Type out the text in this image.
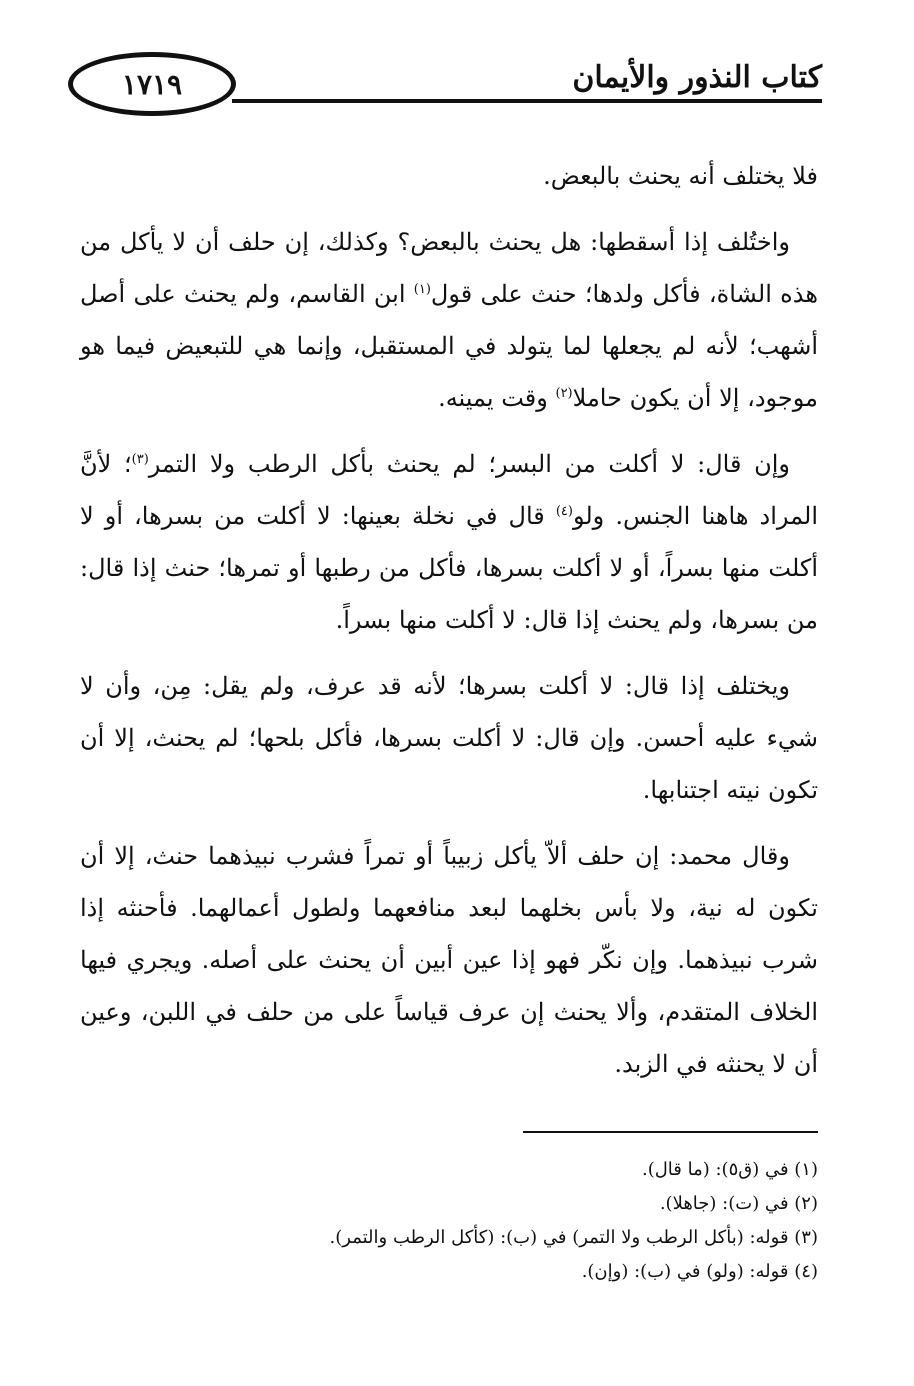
١٧١٩	كتاب النذور والأيمان

فلا يختلف أنه يحنث بالبعض.

واختُلف إذا أسقطها: هل يحنث بالبعض؟ وكذلك، إن حلف أن لا يأكل من هذه الشاة، فأكل ولدها؛ حنث على قول$^{(١)}$ ابن القاسم، ولم يحنث على أصل أشهب؛ لأنه لم يجعلها لما يتولد في المستقبل، وإنما هي للتبعيض فيما هو موجود، إلا أن يكون حاملا$^{(٢)}$ وقت يمينه.

وإن قال: لا أكلت من البسر؛ لم يحنث بأكل الرطب ولا التمر$^{(٣)}$؛ لأنَّ المراد هاهنا الجنس. ولو$^{(٤)}$ قال في نخلة بعينها: لا أكلت من بسرها، أو لا أكلت منها بسراً، أو لا أكلت بسرها، فأكل من رطبها أو تمرها؛ حنث إذا قال: من بسرها، ولم يحنث إذا قال: لا أكلت منها بسراً.

ويختلف إذا قال: لا أكلت بسرها؛ لأنه قد عرف، ولم يقل: مِن، وأن لا شيء عليه أحسن. وإن قال: لا أكلت بسرها، فأكل بلحها؛ لم يحنث، إلا أن تكون نيته اجتنابها.

وقال محمد: إن حلف ألاّ يأكل زبيباً أو تمراً فشرب نبيذهما حنث، إلا أن تكون له نية، ولا بأس بخلهما لبعد منافعهما ولطول أعمالهما. فأحنثه إذا شرب نبيذهما. وإن نكّر فهو إذا عين أبين أن يحنث على أصله. ويجري فيها الخلاف المتقدم، وألا يحنث إن عرف قياساً على من حلف في اللبن، وعين أن لا يحنثه في الزبد.

(١) في (ق٥): (ما قال).
(٢) في (ت): (جاهلا).
(٣) قوله: (بأكل الرطب ولا التمر) في (ب): (كأكل الرطب والتمر).
(٤) قوله: (ولو) في (ب): (وإن).
